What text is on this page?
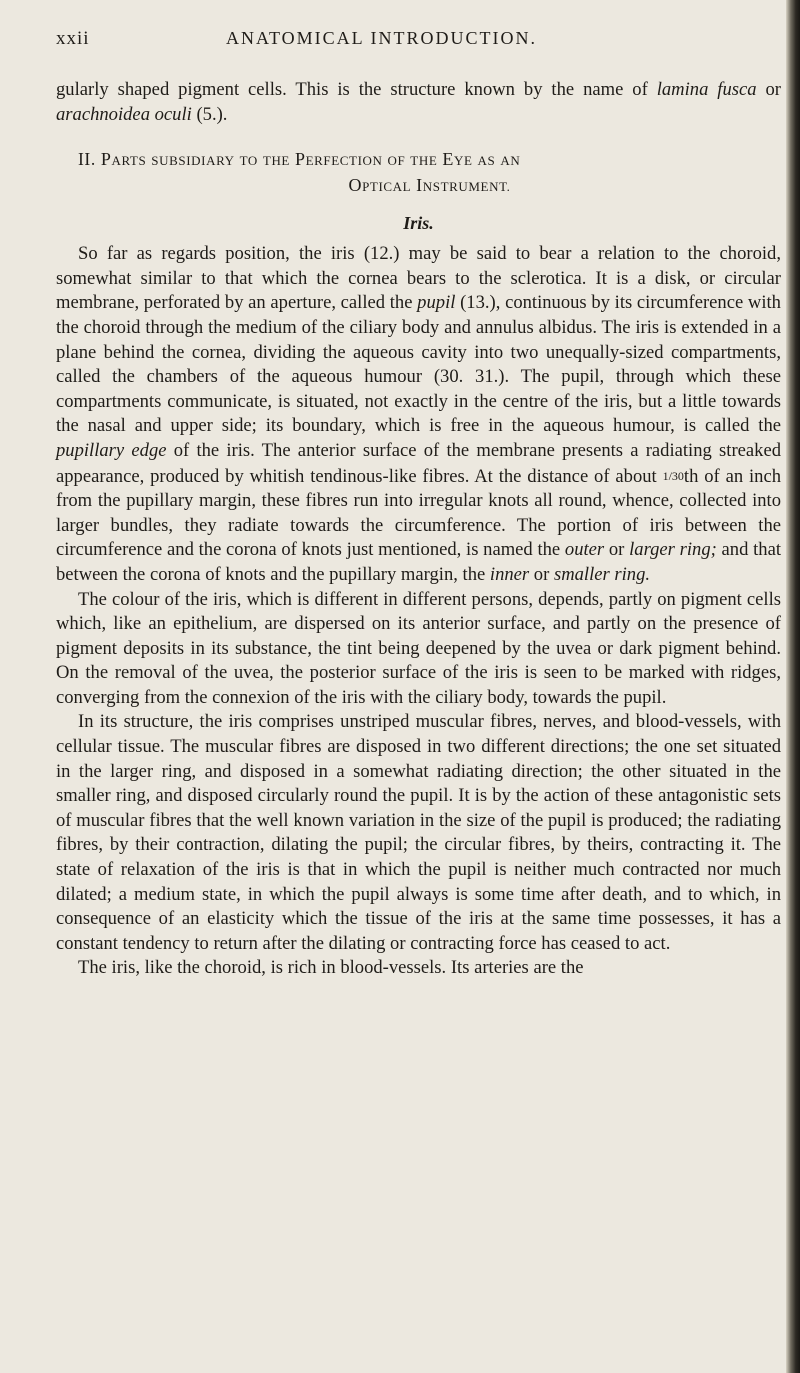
xxii	ANATOMICAL INTRODUCTION.

gularly shaped pigment cells. This is the structure known by the name of lamina fusca or arachnoidea oculi (5.).

II. PARTS SUBSIDIARY TO THE PERFECTION OF THE EYE AS AN
OPTICAL INSTRUMENT.
Iris.

So far as regards position, the iris (12.) may be said to bear a relation to the choroid, somewhat similar to that which the cornea bears to the sclerotica. It is a disk, or circular membrane, perforated by an aperture, called the pupil (13.), continuous by its circumference with the choroid through the medium of the ciliary body and annulus albidus. The iris is extended in a plane behind the cornea, dividing the aqueous cavity into two unequally-sized compartments, called the chambers of the aqueous humour (30. 31.). The pupil, through which these compartments communicate, is situated, not exactly in the centre of the iris, but a little towards the nasal and upper side; its boundary, which is free in the aqueous humour, is called the pupillary edge of the iris. The anterior surface of the membrane presents a radiating streaked appearance, produced by whitish tendinous-like fibres. At the distance of about 1/30th of an inch from the pupillary margin, these fibres run into irregular knots all round, whence, collected into larger bundles, they radiate towards the circumference. The portion of iris between the circumference and the corona of knots just mentioned, is named the outer or larger ring; and that between the corona of knots and the pupillary margin, the inner or smaller ring.

The colour of the iris, which is different in different persons, depends, partly on pigment cells which, like an epithelium, are dispersed on its anterior surface, and partly on the presence of pigment deposits in its substance, the tint being deepened by the uvea or dark pigment behind. On the removal of the uvea, the posterior surface of the iris is seen to be marked with ridges, converging from the connexion of the iris with the ciliary body, towards the pupil.

In its structure, the iris comprises unstriped muscular fibres, nerves, and blood-vessels, with cellular tissue. The muscular fibres are disposed in two different directions; the one set situated in the larger ring, and disposed in a somewhat radiating direction; the other situated in the smaller ring, and disposed circularly round the pupil. It is by the action of these antagonistic sets of muscular fibres that the well known variation in the size of the pupil is produced; the radiating fibres, by their contraction, dilating the pupil; the circular fibres, by theirs, contracting it. The state of relaxation of the iris is that in which the pupil is neither much contracted nor much dilated; a medium state, in which the pupil always is some time after death, and to which, in consequence of an elasticity which the tissue of the iris at the same time possesses, it has a constant tendency to return after the dilating or contracting force has ceased to act.

The iris, like the choroid, is rich in blood-vessels. Its arteries are the
